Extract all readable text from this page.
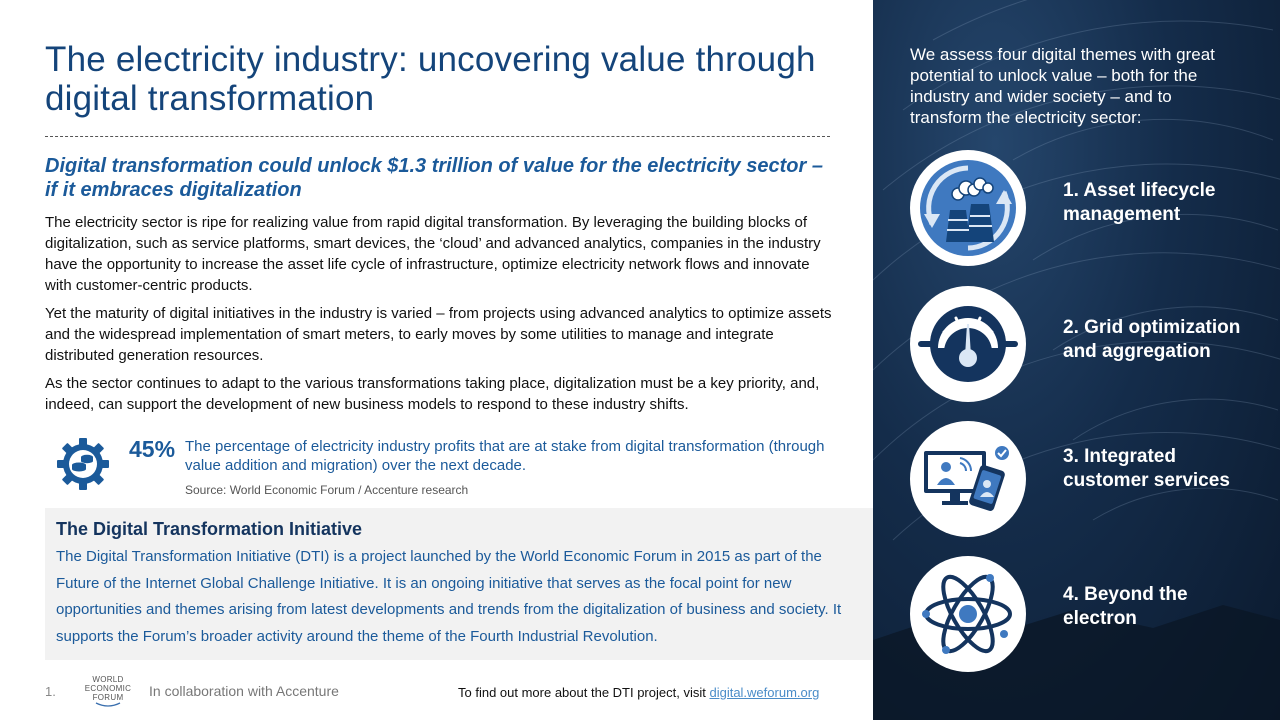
The electricity industry: uncovering value through digital transformation
Digital transformation could unlock $1.3 trillion of value for the electricity sector – if it embraces digitalization

The electricity sector is ripe for realizing value from rapid digital transformation. By leveraging the building blocks of digitalization, such as service platforms, smart devices, the ‘cloud’ and advanced analytics, companies in the industry have the opportunity to increase the asset life cycle of infrastructure, optimize electricity network flows and innovate with customer-centric products.

Yet the maturity of digital initiatives in the industry is varied – from projects using advanced analytics to optimize assets and the widespread implementation of smart meters, to early moves by some utilities to manage and integrate distributed generation resources.

As the sector continues to adapt to the various transformations taking place, digitalization must be a key priority, and, indeed, can support the development of new business models to respond to these industry shifts.

45% The percentage of electricity industry profits that are at stake from digital transformation (through value addition and migration) over the next decade.
Source: World Economic Forum / Accenture research
The Digital Transformation Initiative
The Digital Transformation Initiative (DTI) is a project launched by the World Economic Forum in 2015 as part of the Future of the Internet Global Challenge Initiative. It is an ongoing initiative that serves as the focal point for new opportunities and themes arising from latest developments and trends from the digitalization of business and society. It supports the Forum’s broader activity around the theme of the Fourth Industrial Revolution.
1.
WORLD
ECONOMIC
FORUM	In collaboration with Accenture	To find out more about the DTI project, visit digital.weforum.org
We assess four digital themes with great potential to unlock value – both for the industry and wider society – and to transform the electricity sector:
1. Asset lifecycle management
2. Grid optimization and aggregation
3. Integrated customer services
4. Beyond the electron
